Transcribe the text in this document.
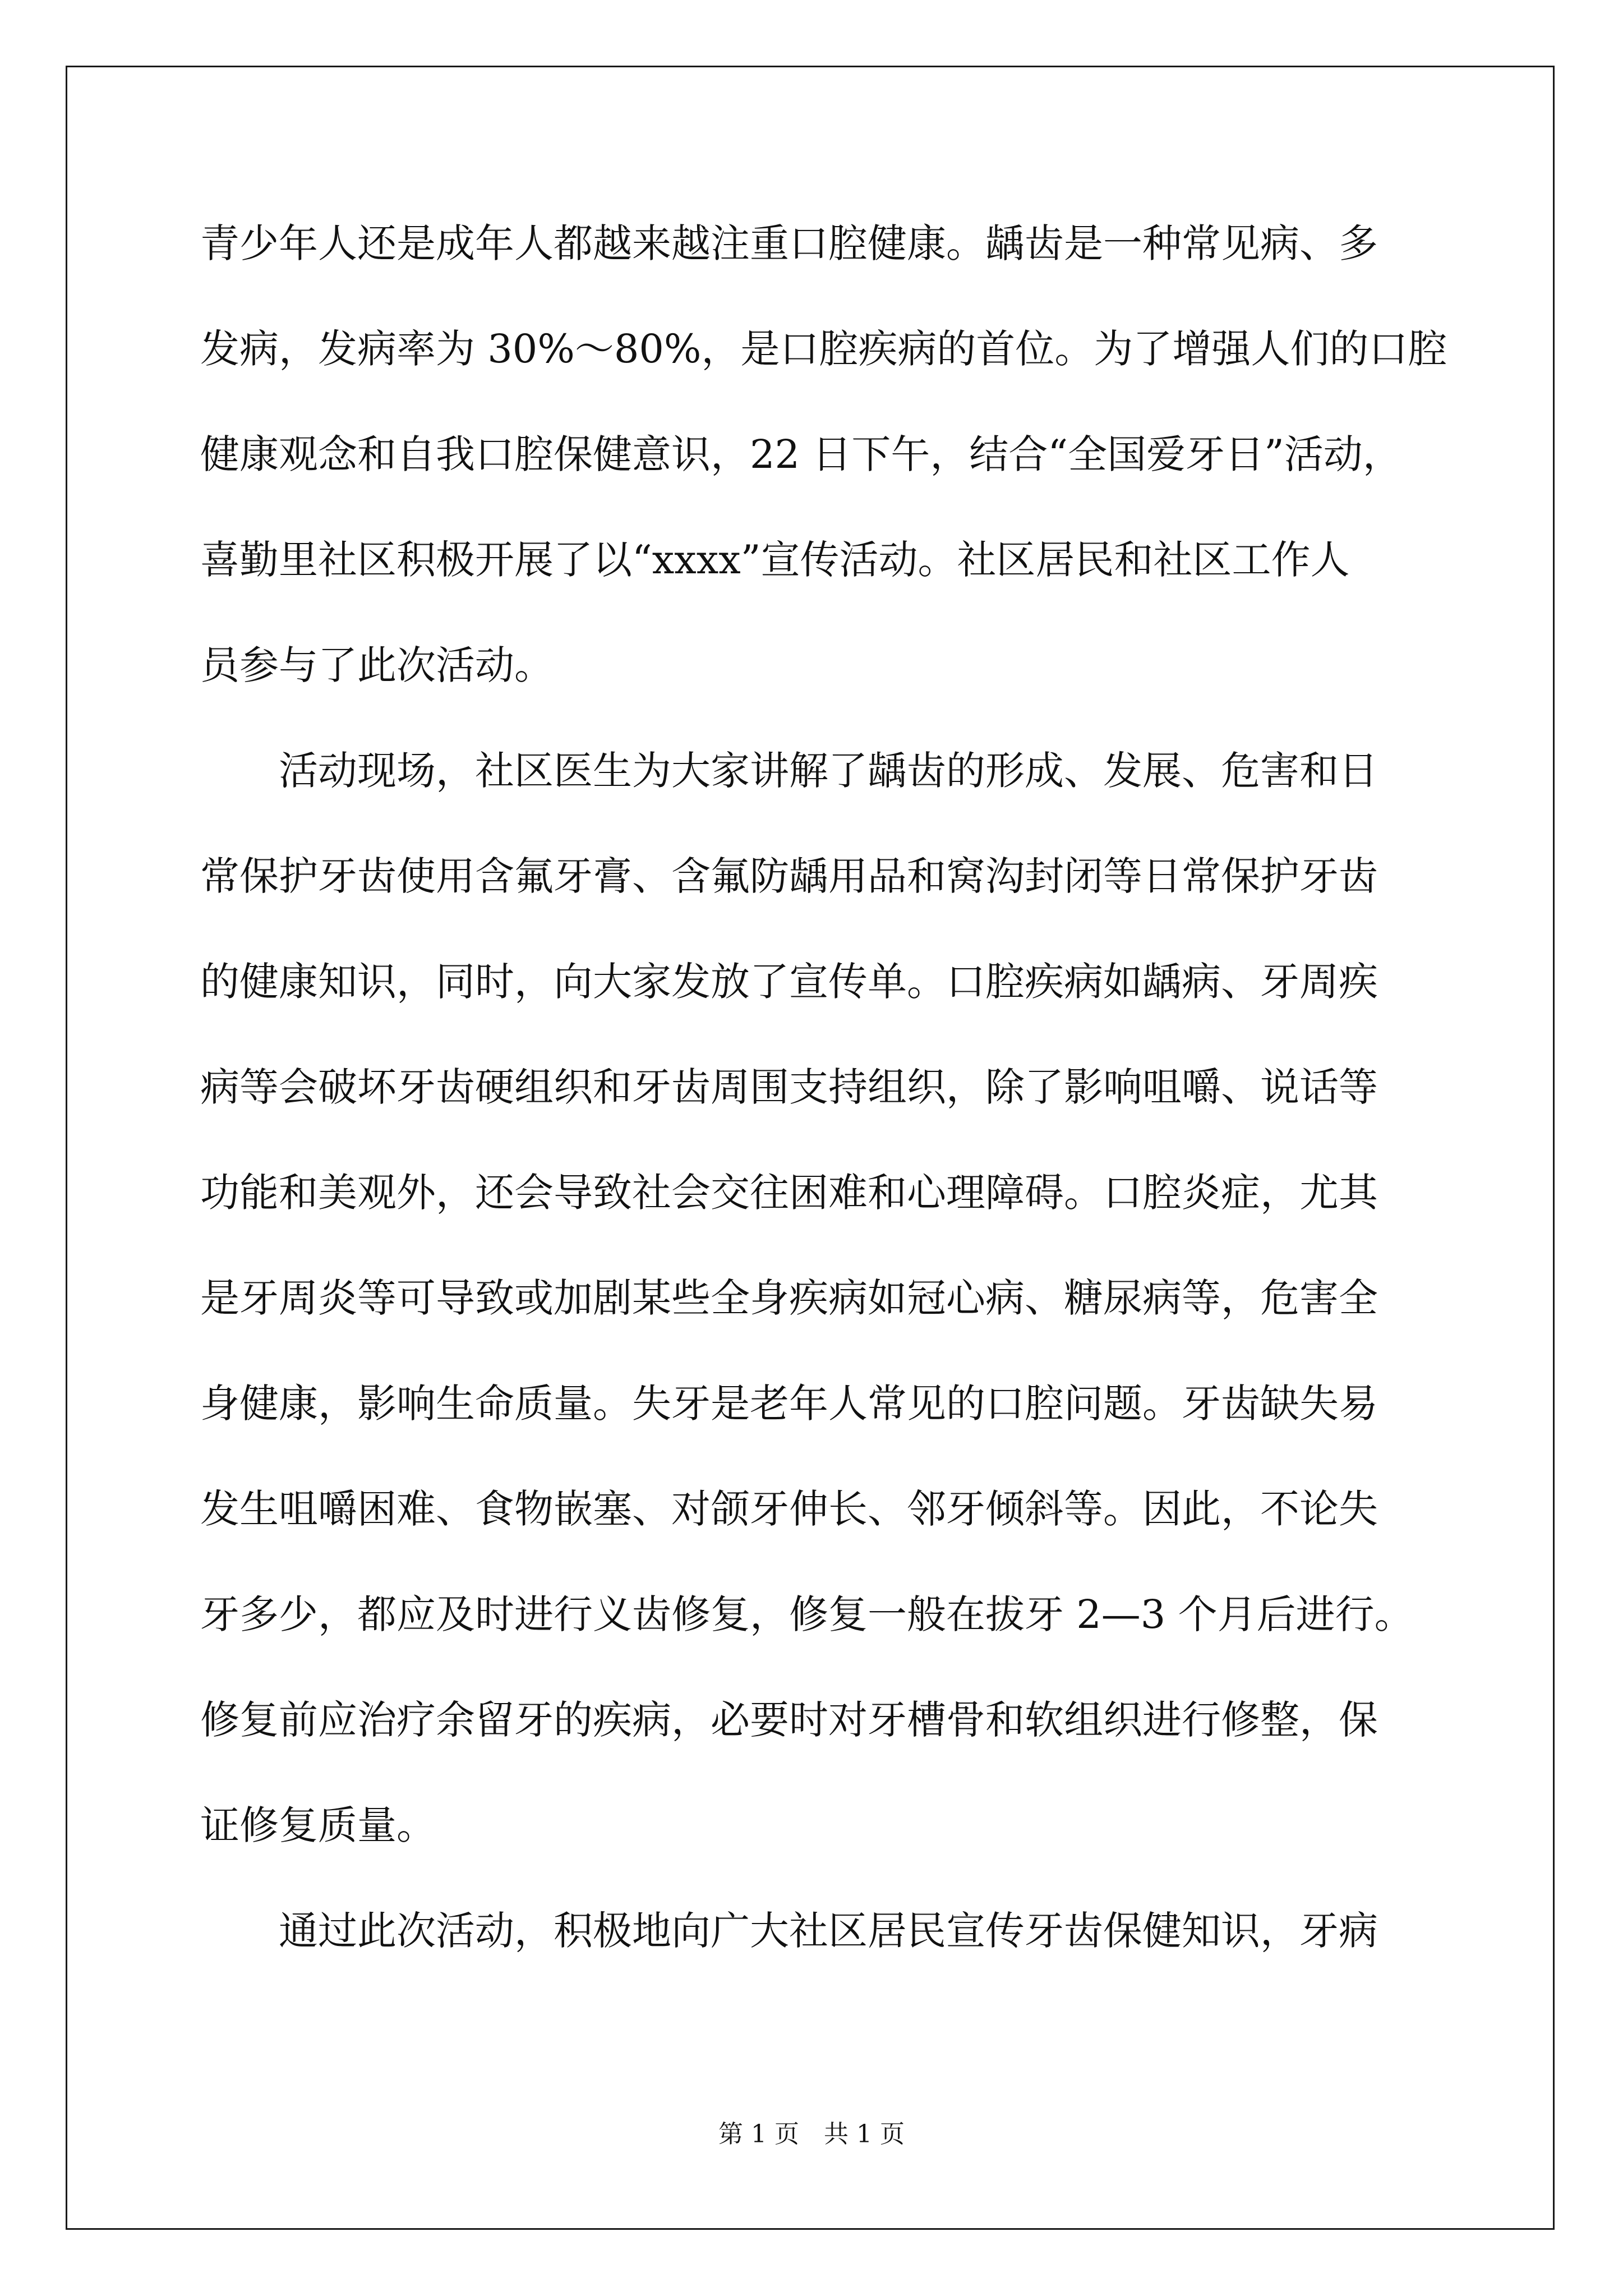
青少年人还是成年人都越来越注重口腔健康。龋齿是一种常见病、多
发病，发病率为 30%～80%，是口腔疾病的首位。为了增强人们的口腔
健康观念和自我口腔保健意识，22 日下午，结合“全国爱牙日”活动，
喜勤里社区积极开展了以“xxxx”宣传活动。社区居民和社区工作人
员参与了此次活动。
　　活动现场，社区医生为大家讲解了龋齿的形成、发展、危害和日
常保护牙齿使用含氟牙膏、含氟防龋用品和窝沟封闭等日常保护牙齿
的健康知识，同时，向大家发放了宣传单。口腔疾病如龋病、牙周疾
病等会破坏牙齿硬组织和牙齿周围支持组织，除了影响咀嚼、说话等
功能和美观外，还会导致社会交往困难和心理障碍。口腔炎症，尤其
是牙周炎等可导致或加剧某些全身疾病如冠心病、糖尿病等，危害全
身健康，影响生命质量。失牙是老年人常见的口腔问题。牙齿缺失易
发生咀嚼困难、食物嵌塞、对颌牙伸长、邻牙倾斜等。因此，不论失
牙多少，都应及时进行义齿修复，修复一般在拔牙 2—3 个月后进行。
修复前应治疗余留牙的疾病，必要时对牙槽骨和软组织进行修整，保
证修复质量。
　　通过此次活动，积极地向广大社区居民宣传牙齿保健知识，牙病
第 1 页 共 1 页
